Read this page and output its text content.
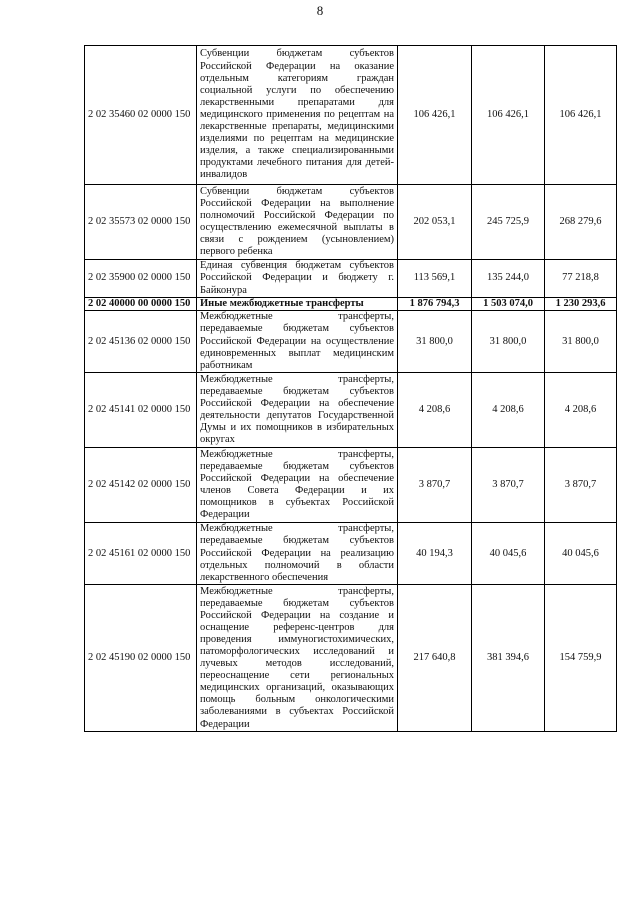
8
2 02 35460 02 0000 150	Субвенции бюджетам субъектов Российской Федерации на оказание отдельным категориям граждан социальной услуги по обеспечению лекарственными препаратами для медицинского применения по рецептам на лекарственные препараты, медицинскими изделиями по рецептам на медицинские изделия, а также специализированными продуктами лечебного питания для детей-инвалидов	106 426,1	106 426,1	106 426,1
2 02 35573 02 0000 150	Субвенции бюджетам субъектов Российской Федерации на выполнение полномочий Российской Федерации по осуществлению ежемесячной выплаты в связи с рождением (усыновлением) первого ребенка	202 053,1	245 725,9	268 279,6
2 02 35900 02 0000 150	Единая субвенция бюджетам субъектов Российской Федерации и бюджету г. Байконура	113 569,1	135 244,0	77 218,8
2 02 40000 00 0000 150	Иные межбюджетные трансферты	1 876 794,3	1 503 074,0	1 230 293,6
2 02 45136 02 0000 150	Межбюджетные трансферты, передаваемые бюджетам субъектов Российской Федерации на осуществление единовременных выплат медицинским работникам	31 800,0	31 800,0	31 800,0
2 02 45141 02 0000 150	Межбюджетные трансферты, передаваемые бюджетам субъектов Российской Федерации на обеспечение деятельности депутатов Государственной Думы и их помощников в избирательных округах	4 208,6	4 208,6	4 208,6
2 02 45142 02 0000 150	Межбюджетные трансферты, передаваемые бюджетам субъектов Российской Федерации на обеспечение членов Совета Федерации и их помощников в субъектах Российской Федерации	3 870,7	3 870,7	3 870,7
2 02 45161 02 0000 150	Межбюджетные трансферты, передаваемые бюджетам субъектов Российской Федерации на реализацию отдельных полномочий в области лекарственного обеспечения	40 194,3	40 045,6	40 045,6
2 02 45190 02 0000 150	Межбюджетные трансферты, передаваемые бюджетам субъектов Российской Федерации на создание и оснащение референс-центров для проведения иммуногистохимических, патоморфологических исследований и лучевых методов исследований, переоснащение сети региональных медицинских организаций, оказывающих помощь больным онкологическими заболеваниями в субъектах Российской Федерации	217 640,8	381 394,6	154 759,9
